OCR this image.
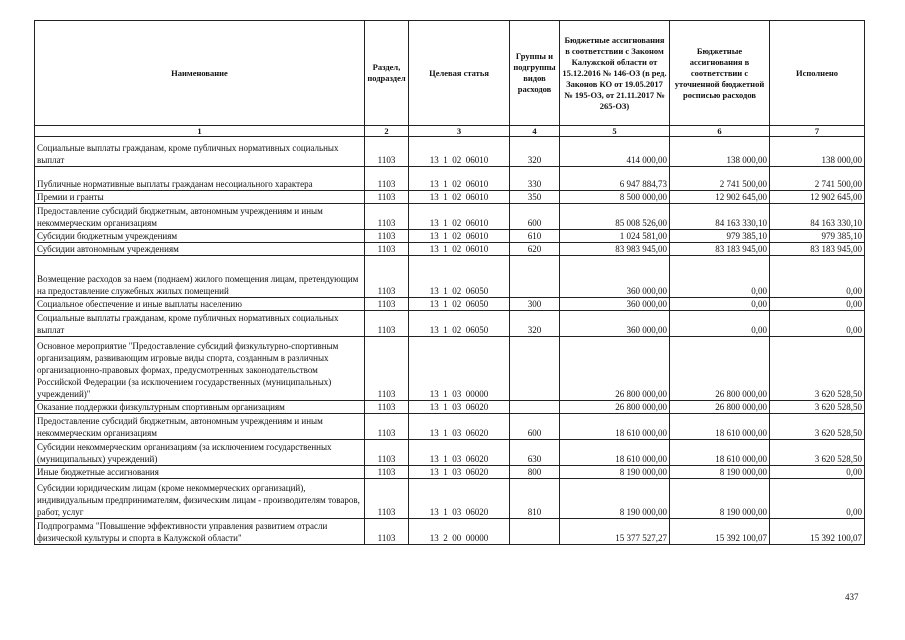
Наименование	Раздел, подраздел	Целевая статья	Группы и подгруппы видов расходов	Бюджетные ассигнования в соответствии с Законом Калужской области от 15.12.2016 № 146-ОЗ (в ред. Законов КО от 19.05.2017 № 195-ОЗ, от 21.11.2017 № 265-ОЗ)	Бюджетные ассигнования в соответствии с уточненной бюджетной росписью расходов	Исполнено
1	2	3	4	5	6	7
Социальные выплаты гражданам, кроме публичных нормативных социальных выплат	1103	13  1  02  06010	320	414 000,00	138 000,00	138 000,00
Публичные нормативные выплаты гражданам несоциального характера	1103	13  1  02  06010	330	6 947 884,73	2 741 500,00	2 741 500,00
Премии и гранты	1103	13  1  02  06010	350	8 500 000,00	12 902 645,00	12 902 645,00
Предоставление субсидий бюджетным, автономным учреждениям и иным некоммерческим организациям	1103	13  1  02  06010	600	85 008 526,00	84 163 330,10	84 163 330,10
Субсидии бюджетным учреждениям	1103	13  1  02  06010	610	1 024 581,00	979 385,10	979 385,10
Субсидии автономным учреждениям	1103	13  1  02  06010	620	83 983 945,00	83 183 945,00	83 183 945,00
Возмещение расходов за наем (поднаем) жилого помещения лицам, претендующим на предоставление служебных жилых помещений	1103	13  1  02  06050		360 000,00	0,00	0,00
Социальное обеспечение и иные выплаты населению	1103	13  1  02  06050	300	360 000,00	0,00	0,00
Социальные выплаты гражданам, кроме публичных нормативных социальных выплат	1103	13  1  02  06050	320	360 000,00	0,00	0,00
Основное мероприятие "Предоставление субсидий физкультурно-спортивным организациям, развивающим игровые виды спорта, созданным в различных организационно-правовых формах, предусмотренных законодательством Российской Федерации (за исключением государственных (муниципальных) учреждений)"	1103	13  1  03  00000		26 800 000,00	26 800 000,00	3 620 528,50
Оказание поддержки физкультурным спортивным организациям	1103	13  1  03  06020		26 800 000,00	26 800 000,00	3 620 528,50
Предоставление субсидий бюджетным, автономным учреждениям и иным некоммерческим организациям	1103	13  1  03  06020	600	18 610 000,00	18 610 000,00	3 620 528,50
Субсидии некоммерческим организациям (за исключением государственных (муниципальных) учреждений)	1103	13  1  03  06020	630	18 610 000,00	18 610 000,00	3 620 528,50
Иные бюджетные ассигнования	1103	13  1  03  06020	800	8 190 000,00	8 190 000,00	0,00
Субсидии юридическим лицам (кроме некоммерческих организаций), индивидуальным предпринимателям, физическим лицам - производителям товаров, работ, услуг	1103	13  1  03  06020	810	8 190 000,00	8 190 000,00	0,00
Подпрограмма "Повышение эффективности управления развитием отрасли физической культуры и спорта в Калужской области"	1103	13  2  00  00000		15 377 527,27	15 392 100,07	15 392 100,07
437
